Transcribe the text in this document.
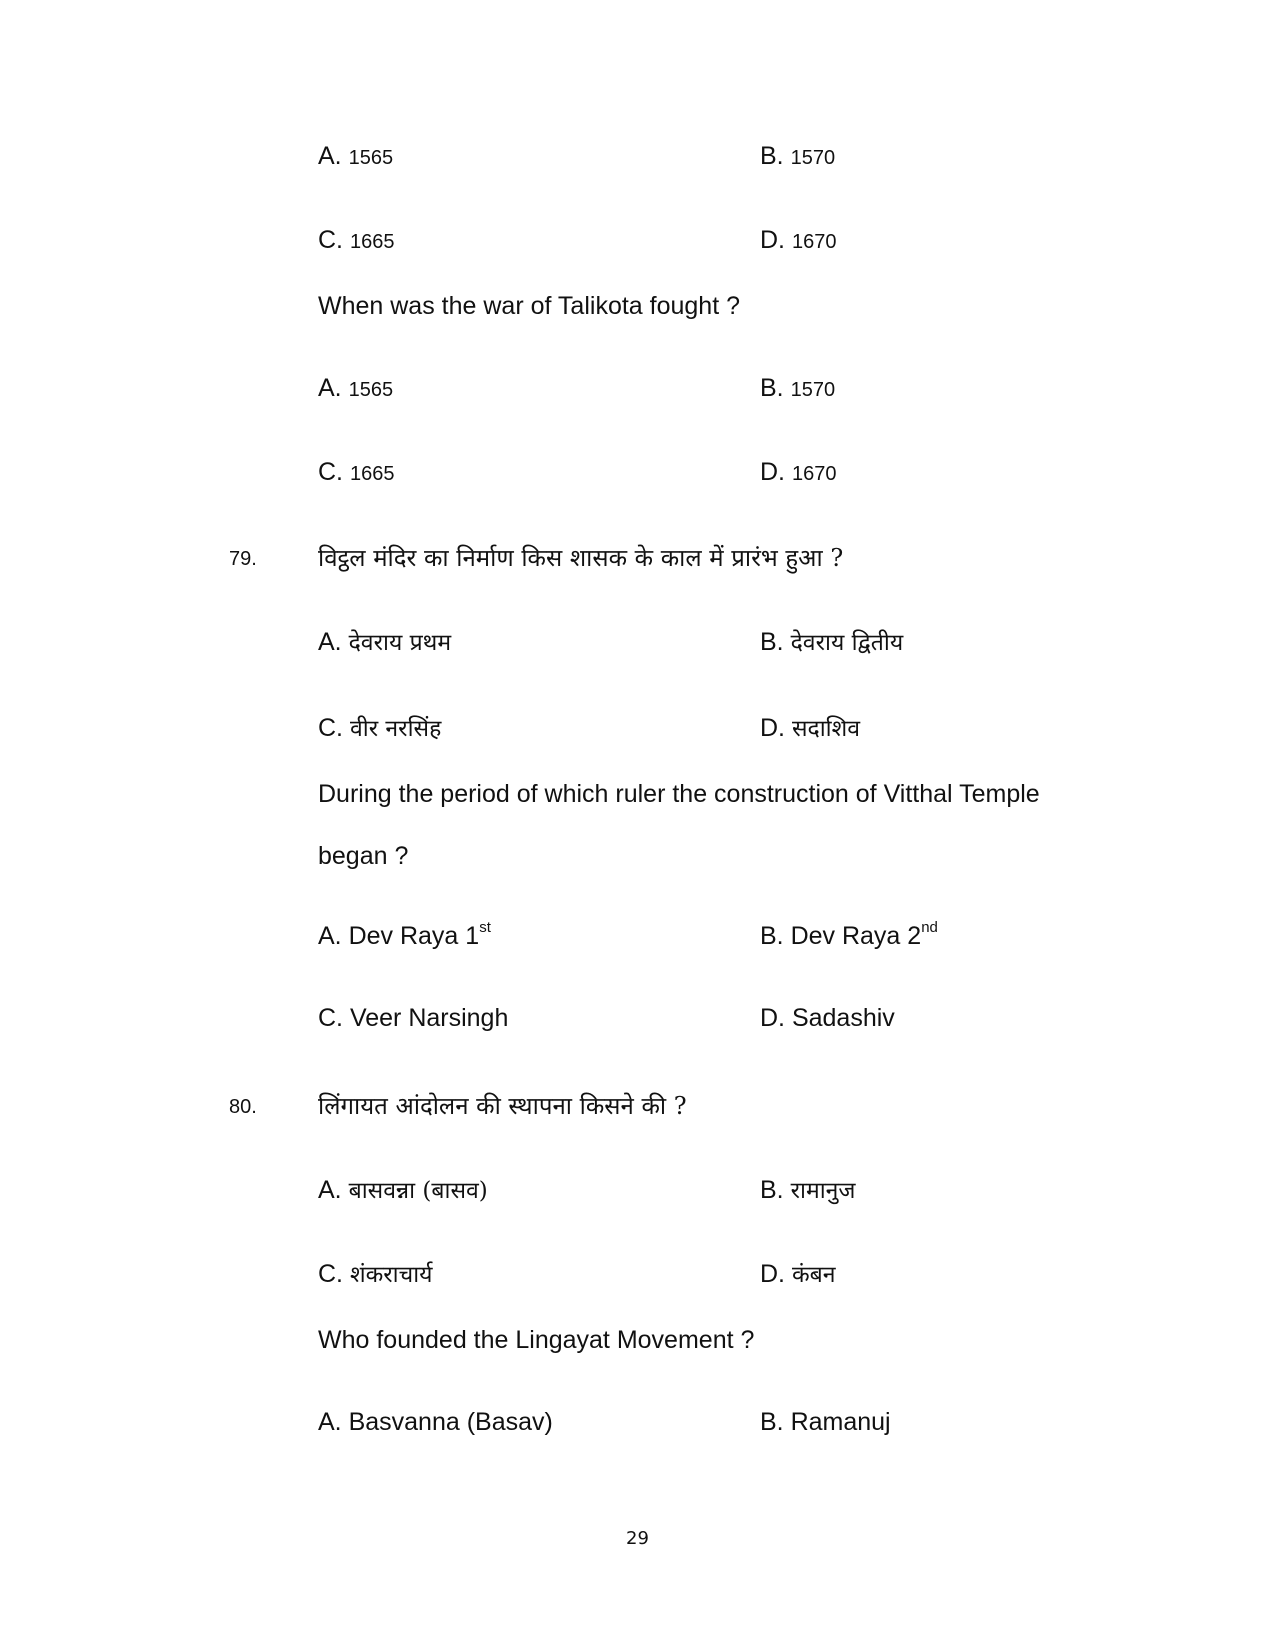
A. 1565	B. 1570
C. 1665	D. 1670
When was the war of Talikota fought ?
A. 1565	B. 1570
C. 1665	D. 1670
79.	विट्ठल मंदिर का निर्माण किस शासक के काल में प्रारंभ हुआ ?
A. देवराय प्रथम	B. देवराय द्वितीय
C. वीर नरसिंह	D. सदाशिव
During the period of which ruler the construction of Vitthal Temple
began ?
A. Dev Raya 1st	B. Dev Raya 2nd
C. Veer Narsingh	D. Sadashiv
80.	लिंगायत आंदोलन की स्थापना किसने की ?
A. बासवन्ना (बासव)	B. रामानुज
C. शंकराचार्य	D. कंबन
Who founded the Lingayat Movement ?
A. Basvanna (Basav)	B. Ramanuj
29
